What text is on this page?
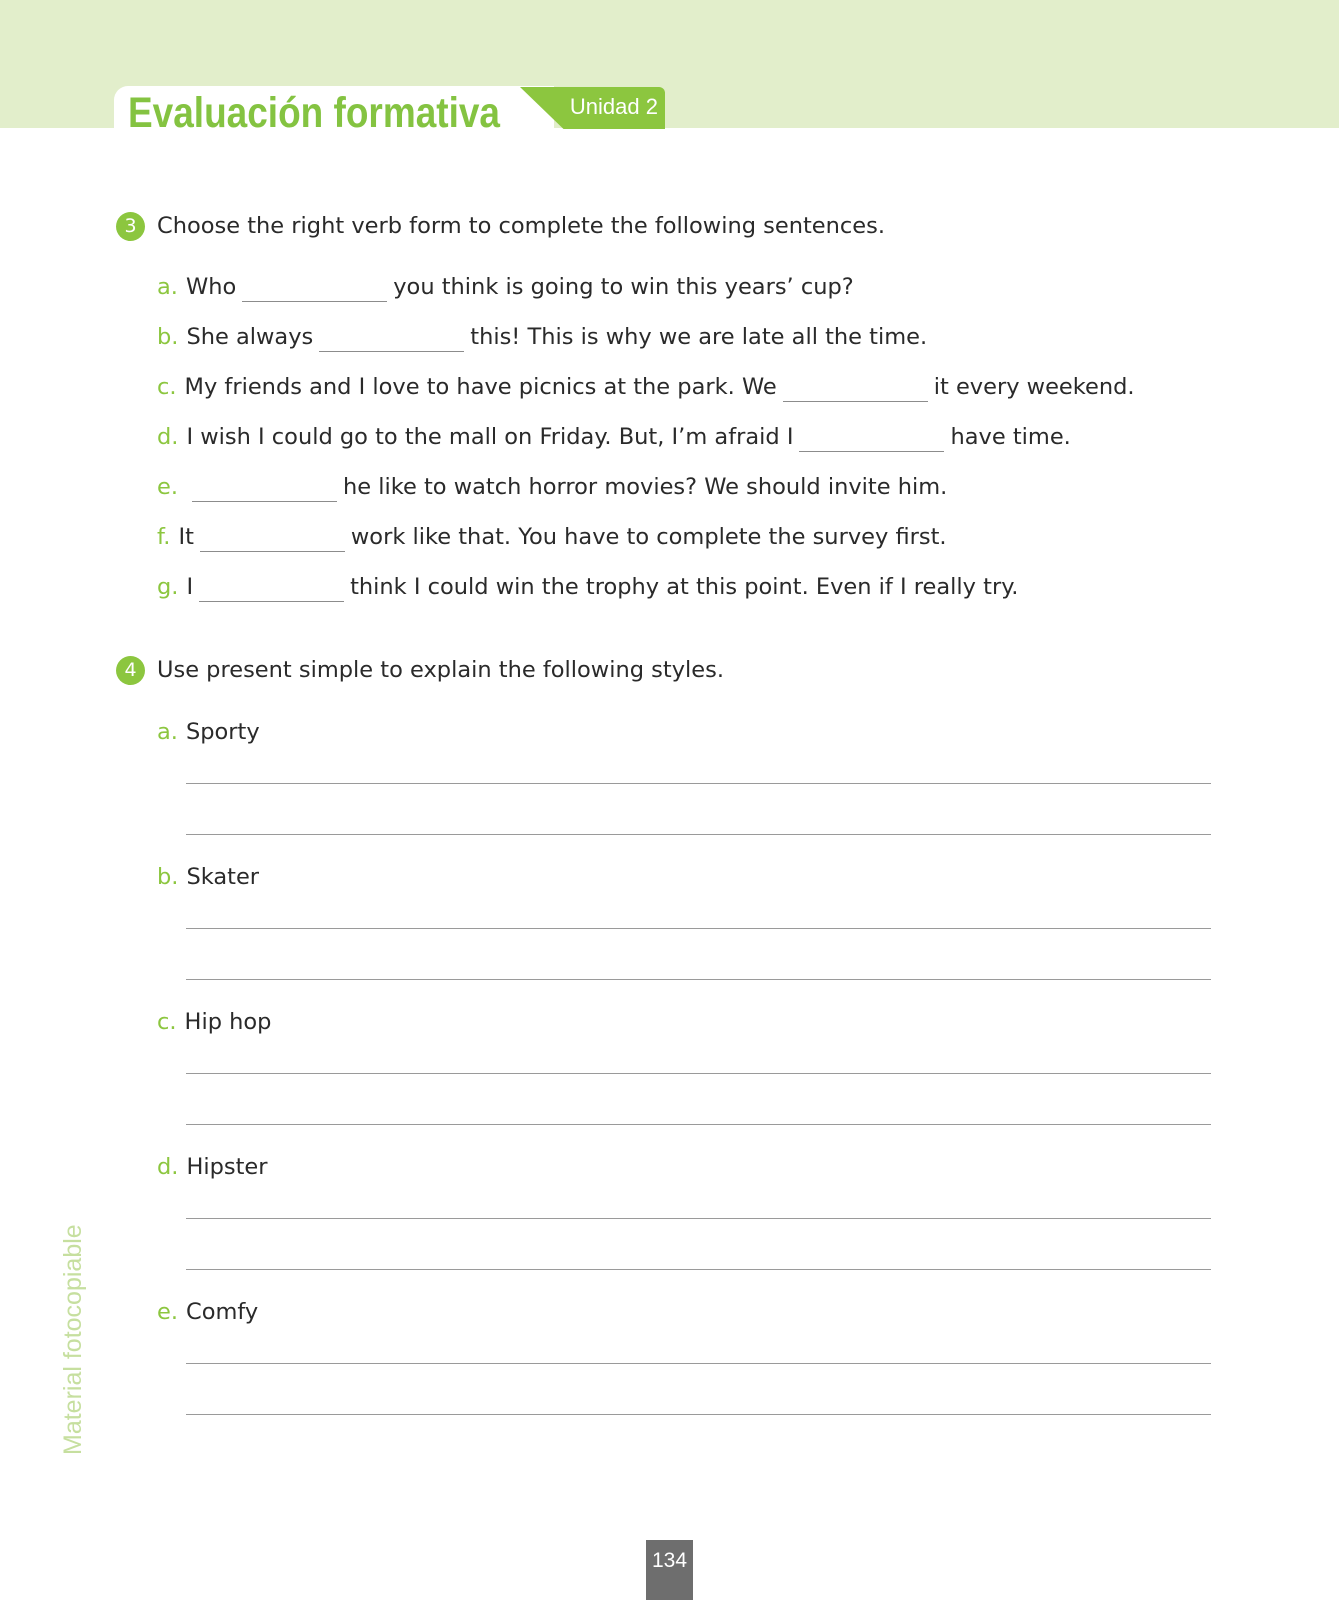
Evaluación formativa	Unidad 2
3 Choose the right verb form to complete the following sentences.
a. Who	you think is going to win this years’ cup?
b. She always	this! This is why we are late all the time.
c. My friends and I love to have picnics at the park. We	it every weekend.
d. I wish I could go to the mall on Friday. But, I’m afraid I	have time.
e.	he like to watch horror movies? We should invite him.
f. It	work like that. You have to complete the survey first.
g. I	think I could win the trophy at this point. Even if I really try.
4 Use present simple to explain the following styles.
a. Sporty
b. Skater
c. Hip hop
d. Hipster
e. Comfy
Material fotocopiable
134
